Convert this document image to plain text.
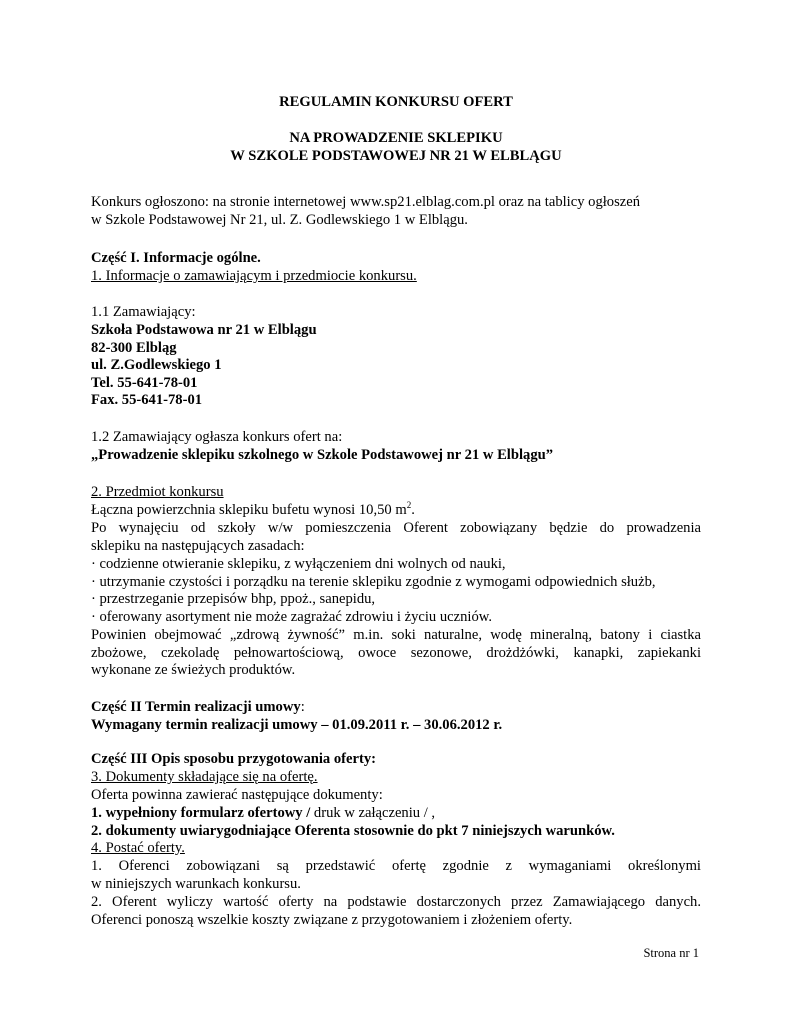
REGULAMIN KONKURSU OFERT
NA PROWADZENIE SKLEPIKU
W SZKOLE PODSTAWOWEJ NR 21 W ELBLĄGU
Konkurs ogłoszono: na stronie internetowej www.sp21.elblag.com.pl oraz na tablicy ogłoszeń
w Szkole Podstawowej Nr 21, ul. Z. Godlewskiego 1 w Elblągu.
Część I. Informacje ogólne.
1. Informacje o zamawiającym i przedmiocie konkursu.
1.1 Zamawiający:
Szkoła Podstawowa nr 21 w Elblągu
82-300 Elbląg
ul. Z.Godlewskiego 1
Tel. 55-641-78-01
Fax. 55-641-78-01
1.2 Zamawiający ogłasza konkurs ofert na:
„Prowadzenie sklepiku szkolnego w Szkole Podstawowej nr 21 w Elblągu”
2. Przedmiot konkursu
Łączna powierzchnia sklepiku bufetu wynosi 10,50 $m^2$.
Po wynajęciu od szkoły w/w pomieszczenia Oferent zobowiązany będzie do prowadzenia
sklepiku na następujących zasadach:
· codzienne otwieranie sklepiku, z wyłączeniem dni wolnych od nauki,
· utrzymanie czystości i porządku na terenie sklepiku zgodnie z wymogami odpowiednich służb,
· przestrzeganie przepisów bhp, ppoż., sanepidu,
· oferowany asortyment nie może zagrażać zdrowiu i życiu uczniów.
Powinien obejmować „zdrową żywność” m.in. soki naturalne, wodę mineralną, batony i ciastka
zbożowe, czekoladę pełnowartościową, owoce sezonowe, drożdżówki, kanapki, zapiekanki
wykonane ze świeżych produktów.
Część II Termin realizacji umowy:
Wymagany termin realizacji umowy – 01.09.2011 r. – 30.06.2012 r.
Część III Opis sposobu przygotowania oferty:
3. Dokumenty składające się na ofertę.
Oferta powinna zawierać następujące dokumenty:
1. wypełniony formularz ofertowy / druk w załączeniu / ,
2. dokumenty uwiarygodniające Oferenta stosownie do pkt 7 niniejszych warunków.
4. Postać oferty.
1. Oferenci zobowiązani są przedstawić ofertę zgodnie z wymaganiami określonymi
w niniejszych warunkach konkursu.
2. Oferent wyliczy wartość oferty na podstawie dostarczonych przez Zamawiającego danych.
Oferenci ponoszą wszelkie koszty związane z przygotowaniem i złożeniem oferty.
Strona nr 1
